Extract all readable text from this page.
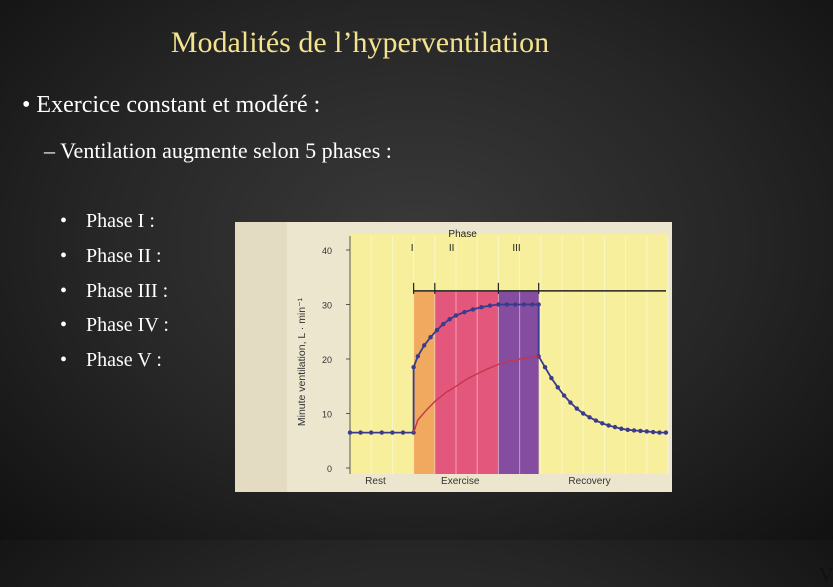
Modalités de l’hyperventilation
• Exercice constant et modéré :
– Ventilation augmente selon 5 phases :
• Phase I :
• Phase II :
• Phase III :
• Phase IV :
• Phase V :
0
10
20
30
40
Phase
I	II	III
Rest	Exercise	Recovery
Minute ventilation, L · min⁻¹
V
